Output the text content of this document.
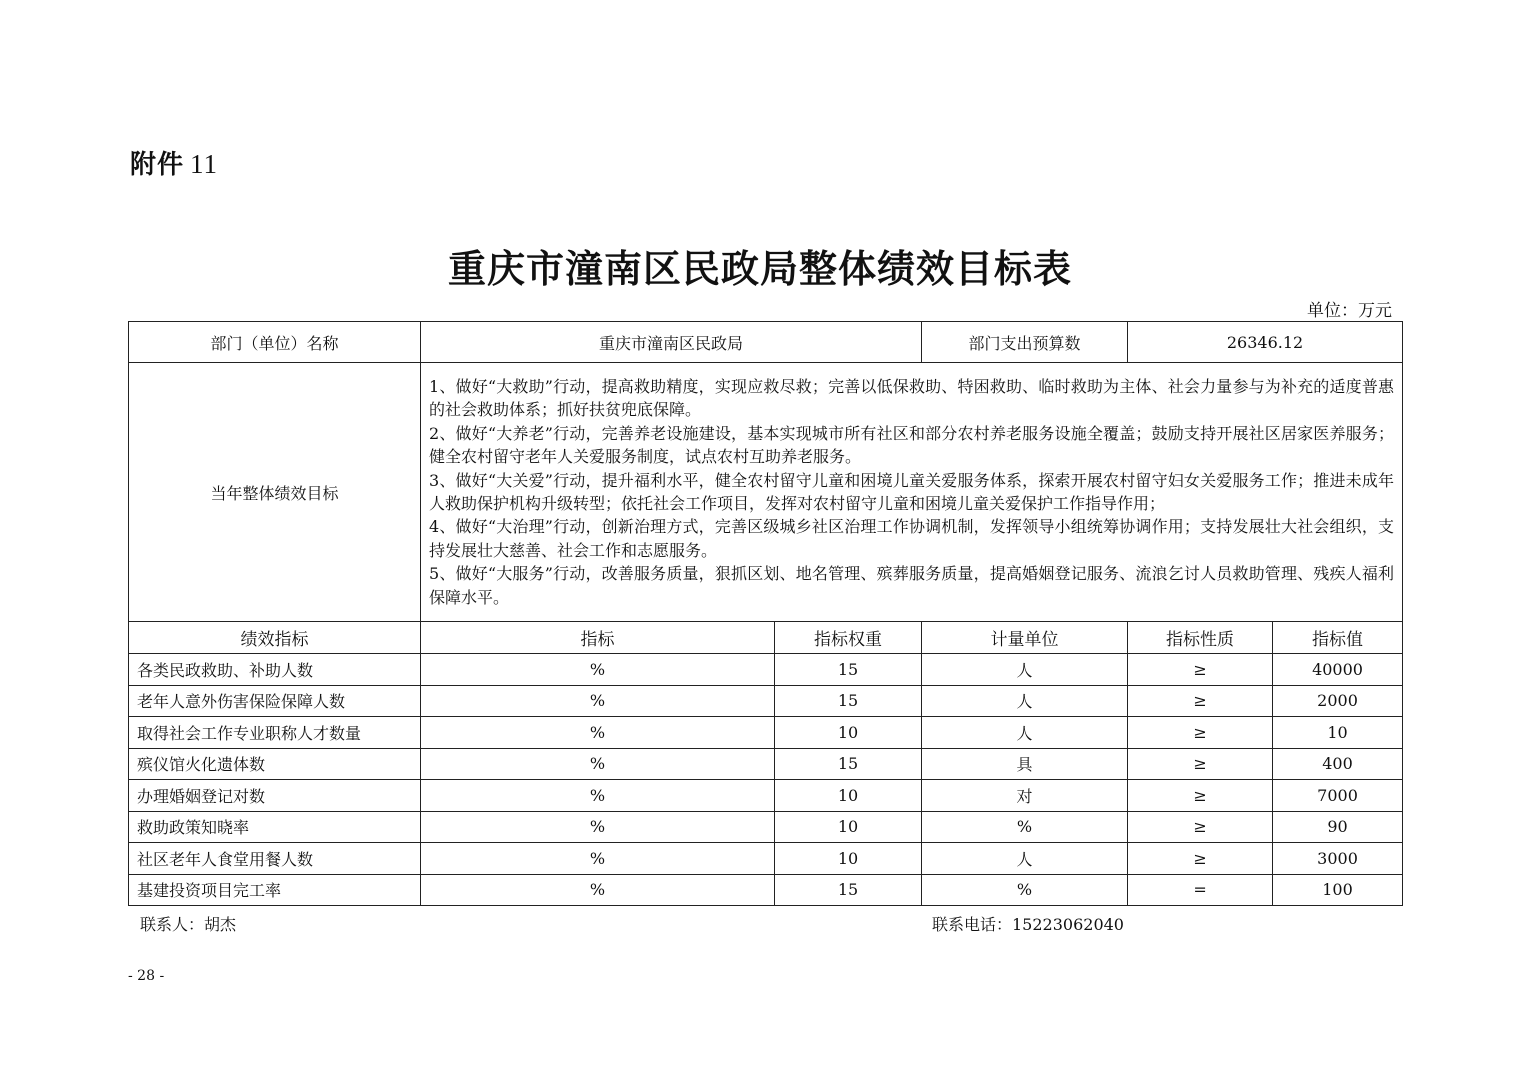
附件 11
重庆市潼南区民政局整体绩效目标表
单位：万元
部门（单位）名称	重庆市潼南区民政局		部门支出预算数	26346.12	
当年整体绩效目标	1、做好“大救助”行动，提高救助精度，实现应救尽救；完善以低保救助、特困救助、临时救助为主体、社会力量参与为补充的适度普惠的社会救助体系；抓好扶贫兜底保障。
2、做好“大养老”行动，完善养老设施建设，基本实现城市所有社区和部分农村养老服务设施全覆盖；鼓励支持开展社区居家医养服务；健全农村留守老年人关爱服务制度，试点农村互助养老服务。
3、做好“大关爱”行动，提升福利水平，健全农村留守儿童和困境儿童关爱服务体系，探索开展农村留守妇女关爱服务工作；推进未成年人救助保护机构升级转型；依托社会工作项目，发挥对农村留守儿童和困境儿童关爱保护工作指导作用；
4、做好“大治理”行动，创新治理方式，完善区级城乡社区治理工作协调机制，发挥领导小组统筹协调作用；支持发展壮大社会组织，支持发展壮大慈善、社会工作和志愿服务。
5、做好“大服务”行动，改善服务质量，狠抓区划、地名管理、殡葬服务质量，提高婚姻登记服务、流浪乞讨人员救助管理、残疾人福利保障水平。				

绩效指标	指标	指标权重	计量单位	指标性质	指标值
各类民政救助、补助人数	%	15	人	≥	40000
老年人意外伤害保险保障人数	%	15	人	≥	2000
取得社会工作专业职称人才数量	%	10	人	≥	10
殡仪馆火化遗体数	%	15	具	≥	400
办理婚姻登记对数	%	10	对	≥	7000
救助政策知晓率	%	10	%	≥	90
社区老年人食堂用餐人数	%	10	人	≥	3000
基建投资项目完工率	%	15	%	=	100
联系人：胡杰	联系电话：15223062040
- 28 -
